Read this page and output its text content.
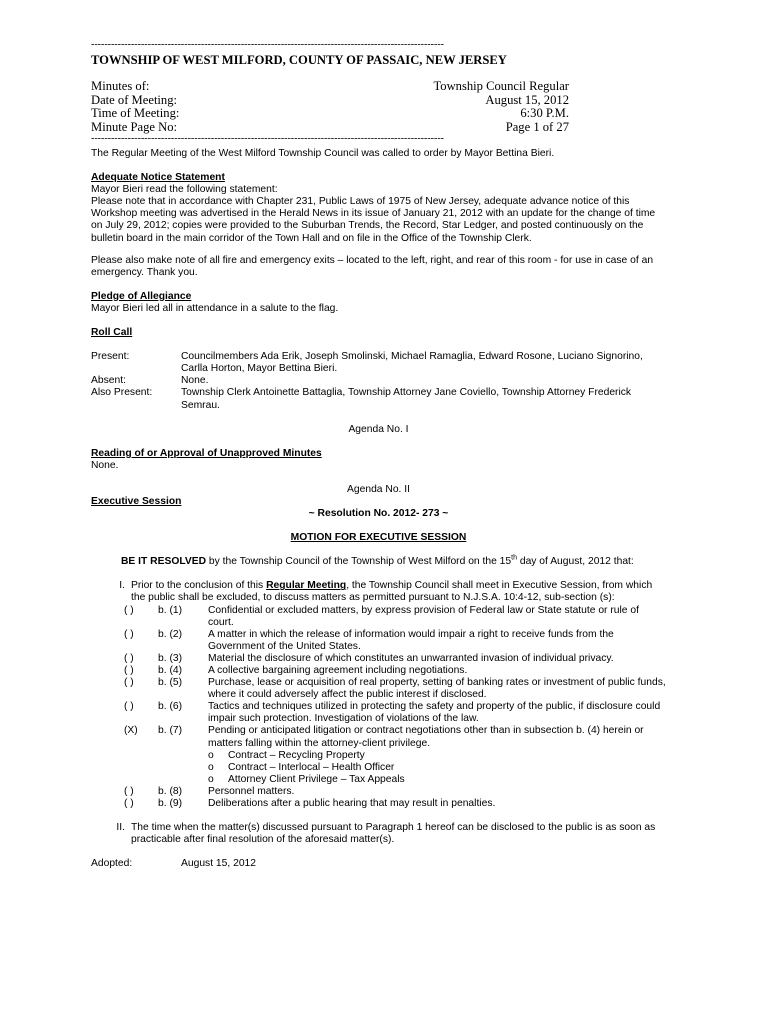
----------------------------------------------------------------------------------------------------------
TOWNSHIP OF WEST MILFORD, COUNTY OF PASSAIC, NEW JERSEY
Minutes of:	Township Council Regular
Date of Meeting:	August 15, 2012
Time of Meeting:	6:30 P.M.
Minute Page No:	Page 1 of 27
----------------------------------------------------------------------------------------------------------

The Regular Meeting of the West Milford Township Council was called to order by Mayor Bettina Bieri.

Adequate Notice Statement

Mayor Bieri read the following statement:

Please note that in accordance with Chapter 231, Public Laws of 1975 of New Jersey, adequate advance notice of this Workshop meeting was advertised in the Herald News in its issue of January 21, 2012 with an update for the change of time on July 29, 2012; copies were provided to the Suburban Trends, the Record, Star Ledger, and posted continuously on the bulletin board in the main corridor of the Town Hall and on file in the Office of the Township Clerk.

Please also make note of all fire and emergency exits – located to the left, right, and rear of this room - for use in case of an emergency. Thank you.

Pledge of Allegiance

Mayor Bieri led all in attendance in a salute to the flag.

Roll Call
Present:	Councilmembers Ada Erik, Joseph Smolinski, Michael Ramaglia, Edward Rosone, Luciano Signorino, Carlla Horton, Mayor Bettina Bieri.
Absent:	None.
Also Present:	Township Clerk Antoinette Battaglia, Township Attorney Jane Coviello, Township Attorney Frederick Semrau.
Agenda No. I
Reading of or Approval of Unapproved Minutes

None.

Agenda No. II
Executive Session
~ Resolution No. 2012- 273 ~
MOTION FOR EXECUTIVE SESSION

BE IT RESOLVED by the Township Council of the Township of West Milford on the 15th day of August, 2012 that:

I. Prior to the conclusion of this Regular Meeting, the Township Council shall meet in Executive Session, from which the public shall be excluded, to discuss matters as permitted pursuant to N.J.S.A. 10:4-12, sub-section (s):
( )	b. (1)	Confidential or excluded matters, by express provision of Federal law or State statute or rule of court.
( )	b. (2)	A matter in which the release of information would impair a right to receive funds from the Government of the United States.
( )	b. (3)	Material the disclosure of which constitutes an unwarranted invasion of individual privacy.
( )	b. (4)	A collective bargaining agreement including negotiations.
( )	b. (5)	Purchase, lease or acquisition of real property, setting of banking rates or investment of public funds, where it could adversely affect the public interest if disclosed.
( )	b. (6)	Tactics and techniques utilized in protecting the safety and property of the public, if disclosure could impair such protection. Investigation of violations of the law.
(X)	b. (7)	Pending or anticipated litigation or contract negotiations other than in subsection b. (4) herein or matters falling within the attorney-client privilege.
o	Contract – Recycling Property
o	Contract – Interlocal – Health Officer
o	Attorney Client Privilege – Tax Appeals
( )	b. (8)	Personnel matters.
( )	b. (9)	Deliberations after a public hearing that may result in penalties.
II. The time when the matter(s) discussed pursuant to Paragraph 1 hereof can be disclosed to the public is as soon as practicable after final resolution of the aforesaid matter(s).
Adopted:	August 15, 2012
